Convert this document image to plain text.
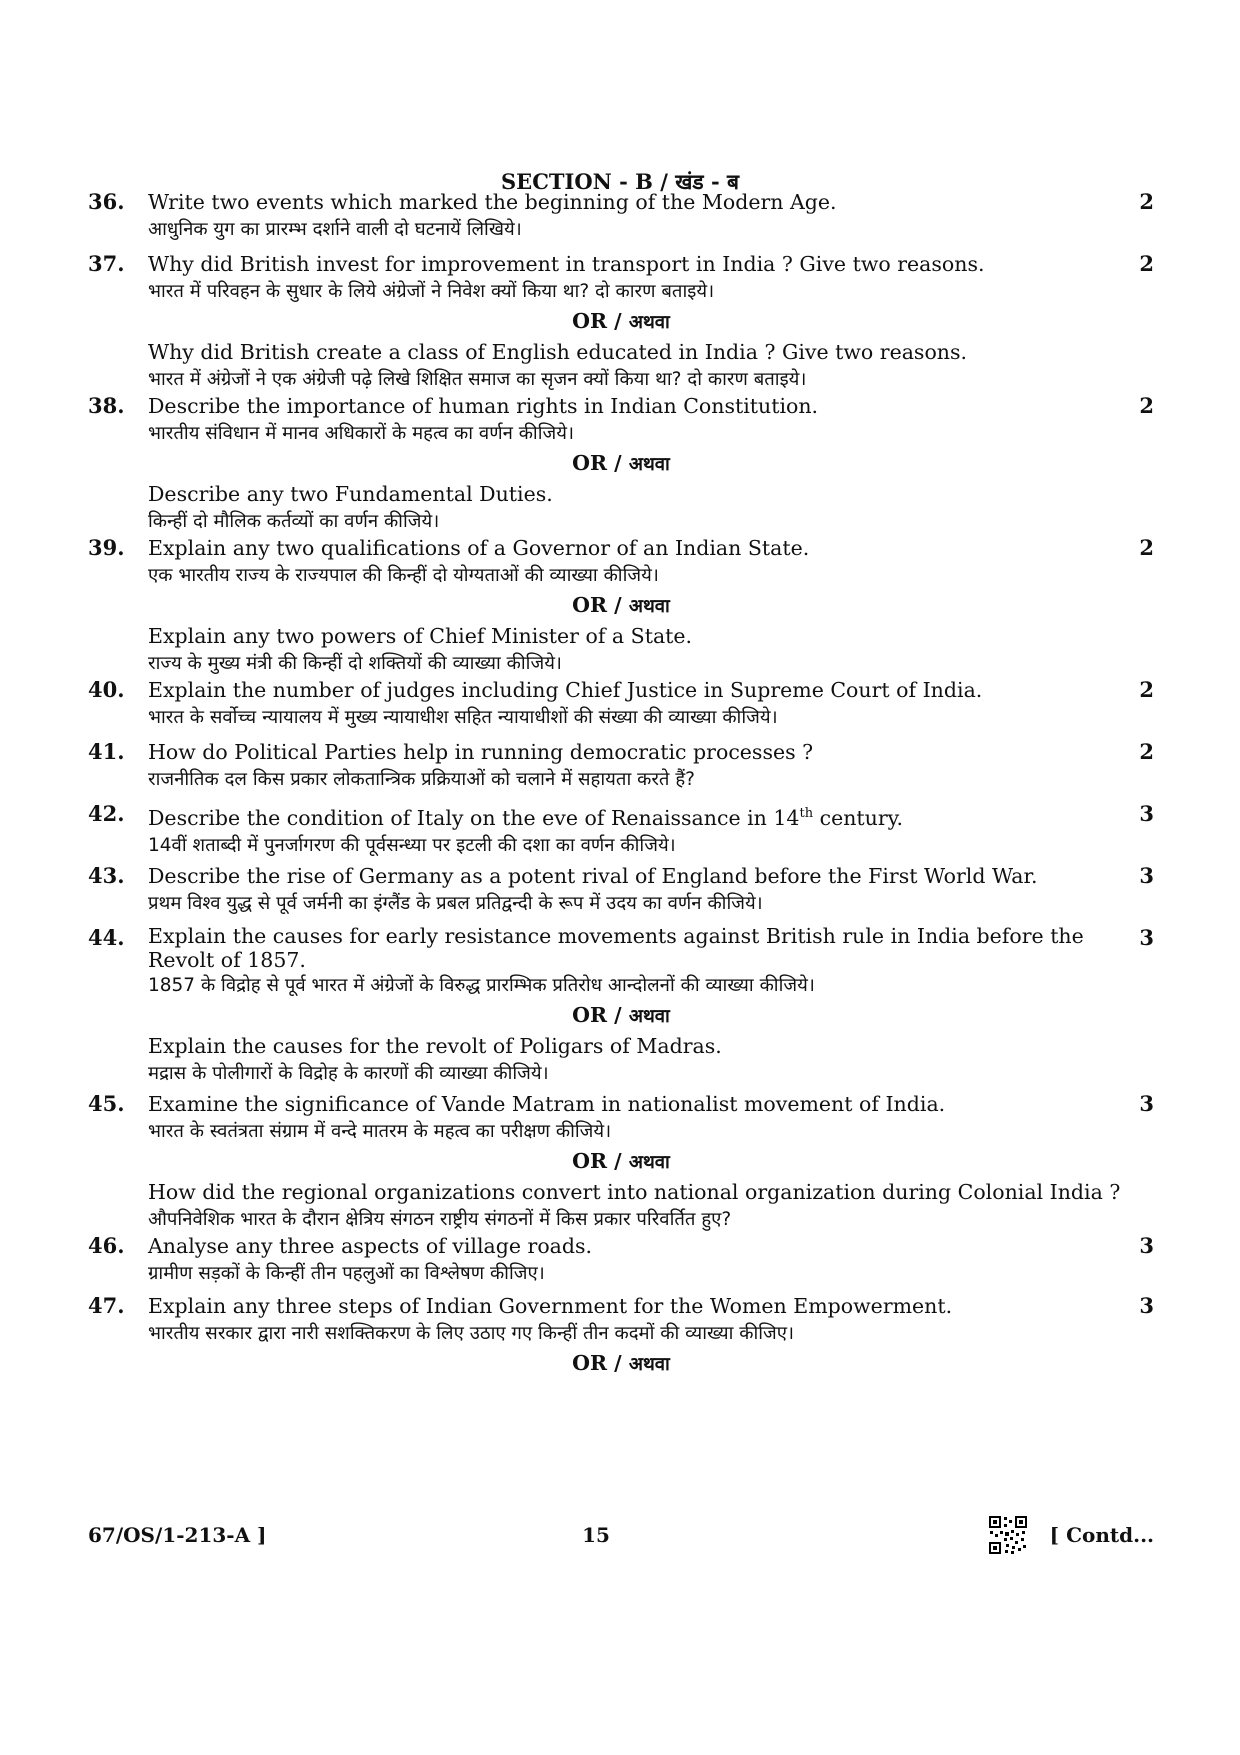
SECTION - B / खंड - ब
36.	Write two events which marked the beginning of the Modern Age.
आधुनिक युग का प्रारम्भ दर्शाने वाली दो घटनायें लिखिये।
2
37.	Why did British invest for improvement in transport in India ? Give two reasons.
भारत में परिवहन के सुधार के लिये अंग्रेजों ने निवेश क्यों किया था? दो कारण बताइये।
OR / अथवा
Why did British create a class of English educated in India ? Give two reasons.
भारत में अंग्रेजों ने एक अंग्रेजी पढ़े लिखे शिक्षित समाज का सृजन क्यों किया था? दो कारण बताइये।
2
38.	Describe the importance of human rights in Indian Constitution.
भारतीय संविधान में मानव अधिकारों के महत्व का वर्णन कीजिये।
OR / अथवा
Describe any two Fundamental Duties.
किन्हीं दो मौलिक कर्तव्यों का वर्णन कीजिये।
2
39.	Explain any two qualifications of a Governor of an Indian State.
एक भारतीय राज्य के राज्यपाल की किन्हीं दो योग्यताओं की व्याख्या कीजिये।
OR / अथवा
Explain any two powers of Chief Minister of a State.
राज्य के मुख्य मंत्री की किन्हीं दो शक्तियों की व्याख्या कीजिये।
2
40.	Explain the number of judges including Chief Justice in Supreme Court of India.
भारत के सर्वोच्च न्यायालय में मुख्य न्यायाधीश सहित न्यायाधीशों की संख्या की व्याख्या कीजिये।
2
41.	How do Political Parties help in running democratic processes ?
राजनीतिक दल किस प्रकार लोकतान्त्रिक प्रक्रियाओं को चलाने में सहायता करते हैं?
2
42.	Describe the condition of Italy on the eve of Renaissance in 14th century.
14वीं शताब्दी में पुनर्जागरण की पूर्वसन्ध्या पर इटली की दशा का वर्णन कीजिये।
3
43.	Describe the rise of Germany as a potent rival of England before the First World War.
प्रथम विश्व युद्ध से पूर्व जर्मनी का इंग्लैंड के प्रबल प्रतिद्वन्दी के रूप में उदय का वर्णन कीजिये।
3
44.	Explain the causes for early resistance movements against British rule in India before the Revolt of 1857.
1857 के विद्रोह से पूर्व भारत में अंग्रेजों के विरुद्ध प्रारम्भिक प्रतिरोध आन्दोलनों की व्याख्या कीजिये।
OR / अथवा
Explain the causes for the revolt of Poligars of Madras.
मद्रास के पोलीगारों के विद्रोह के कारणों की व्याख्या कीजिये।
3
45.	Examine the significance of Vande Matram in nationalist movement of India.
भारत के स्वतंत्रता संग्राम में वन्दे मातरम के महत्व का परीक्षण कीजिये।
OR / अथवा
How did the regional organizations convert into national organization during Colonial India ?
औपनिवेशिक भारत के दौरान क्षेत्रिय संगठन राष्ट्रीय संगठनों में किस प्रकार परिवर्तित हुए?
3
46.	Analyse any three aspects of village roads.
ग्रामीण सड़कों के किन्हीं तीन पहलुओं का विश्लेषण कीजिए।
3
47.	Explain any three steps of Indian Government for the Women Empowerment.
भारतीय सरकार द्वारा नारी सशक्तिकरण के लिए उठाए गए किन्हीं तीन कदमों की व्याख्या कीजिए।
OR / अथवा
3
67/OS/1-213-A ]	15	[ Contd...
